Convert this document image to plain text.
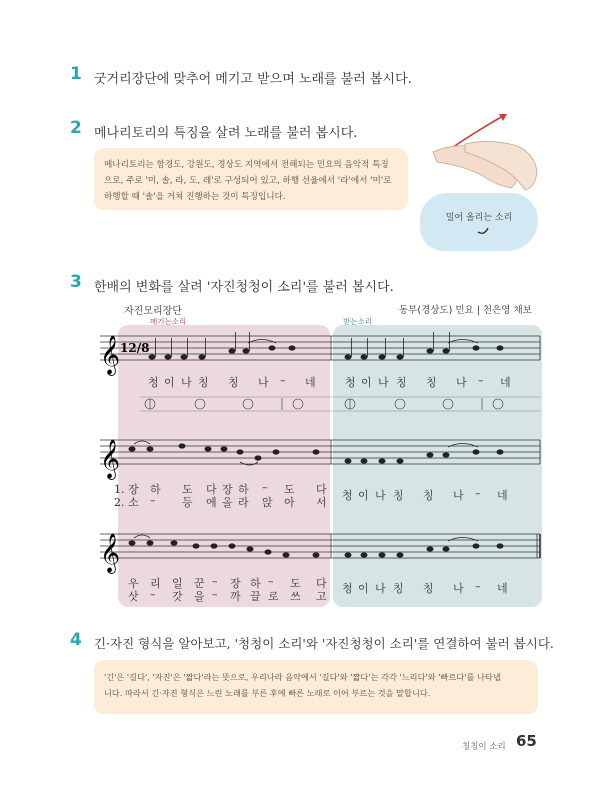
1 굿거리장단에 맞추어 메기고 받으며 노래를 불러 봅시다.
2 메나리토리의 특징을 살려 노래를 불러 봅시다.
메나리토리는 함경도, 강원도, 경상도 지역에서 전해되는 민요의 음악적 특징
으로, 주로 '미, 솔, 라, 도, 레'로 구성되어 있고, 하행 선율에서 '라'에서 '미'로
하행할 때 '솔'을 거쳐 진행하는 것이 특징입니다.
밀어 올리는 소리
3 한배의 변화를 살려 '자진청청이 소리'를 불러 봅시다.
자진모리장단	동부(경상도) 민요 | 천은영 채보
메기는소리	받는소리
𝄞 12/8
𝄞
𝄞
청 이 나 칭 칭 나 – 네	청 이 나 칭 칭 나 – 네
1. 장 하 도 다 장 하 – 도 다
2. 소 – 등 에 올 라 앉 아 서
청 이 나 칭 칭 나 – 네
우 리 일 꾼 – 장 하 – 도 다
삿 – 갓 을 – 까 끌 로 쓰 고
청 이 나 칭 칭 나 – 네
4 긴·자진 형식을 알아보고, '청청이 소리'와 '자진청청이 소리'를 연결하여 불러 봅시다.
'긴'은 '길다', '자진'은 '짧다'라는 뜻으로, 우리나라 음악에서 '길다'와 '짧다'는 각각 '느리다'와 '빠르다'를 나타냅
니다. 따라서 긴·자진 형식은 느린 노래를 부른 후에 빠른 노래로 이어 부르는 것을 말합니다.
칭칭이 소리 65
